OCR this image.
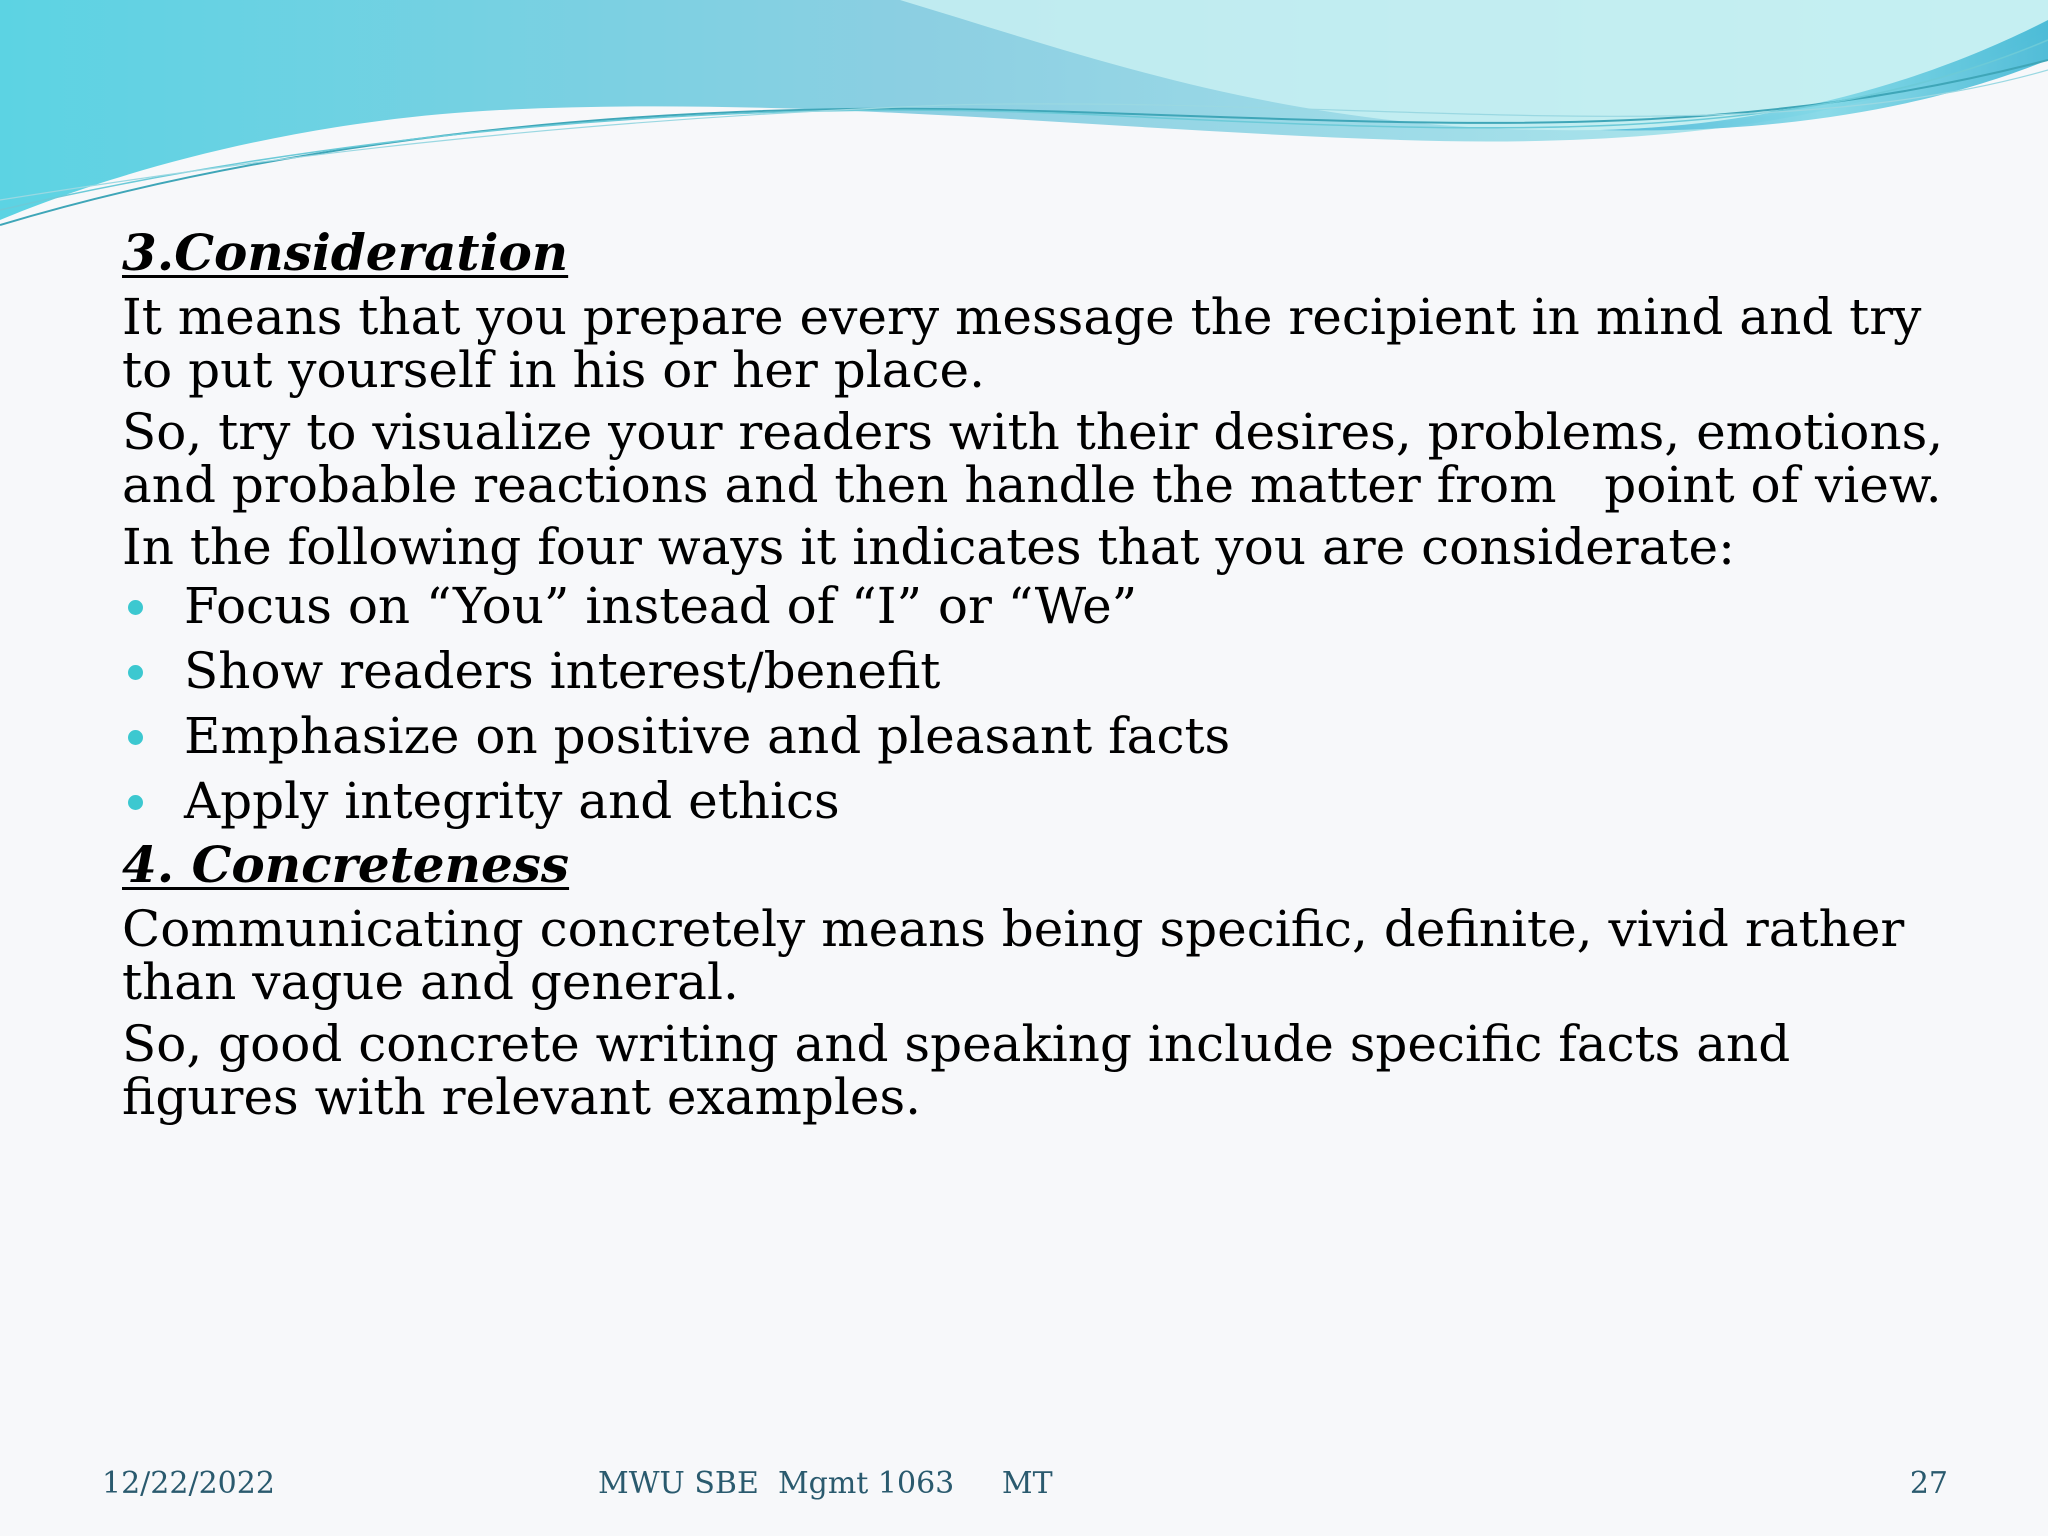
3.Consideration

It means that you prepare every message the recipient in mind and try to put yourself in his or her place.

So, try to visualize your readers with their desires, problems, emotions, and probable reactions and then handle the matter from   point of view.

In the following four ways it indicates that you are considerate:

Focus on “You” instead of “I” or “We”
Show readers interest/benefit
Emphasize on positive and pleasant facts
Apply integrity and ethics

4. Concreteness

Communicating concretely means being specific, definite, vivid rather than vague and general.

So, good concrete writing and speaking include specific facts and figures with relevant examples.

12/22/2022	MWU SBE  Mgmt 1063     MT	27
